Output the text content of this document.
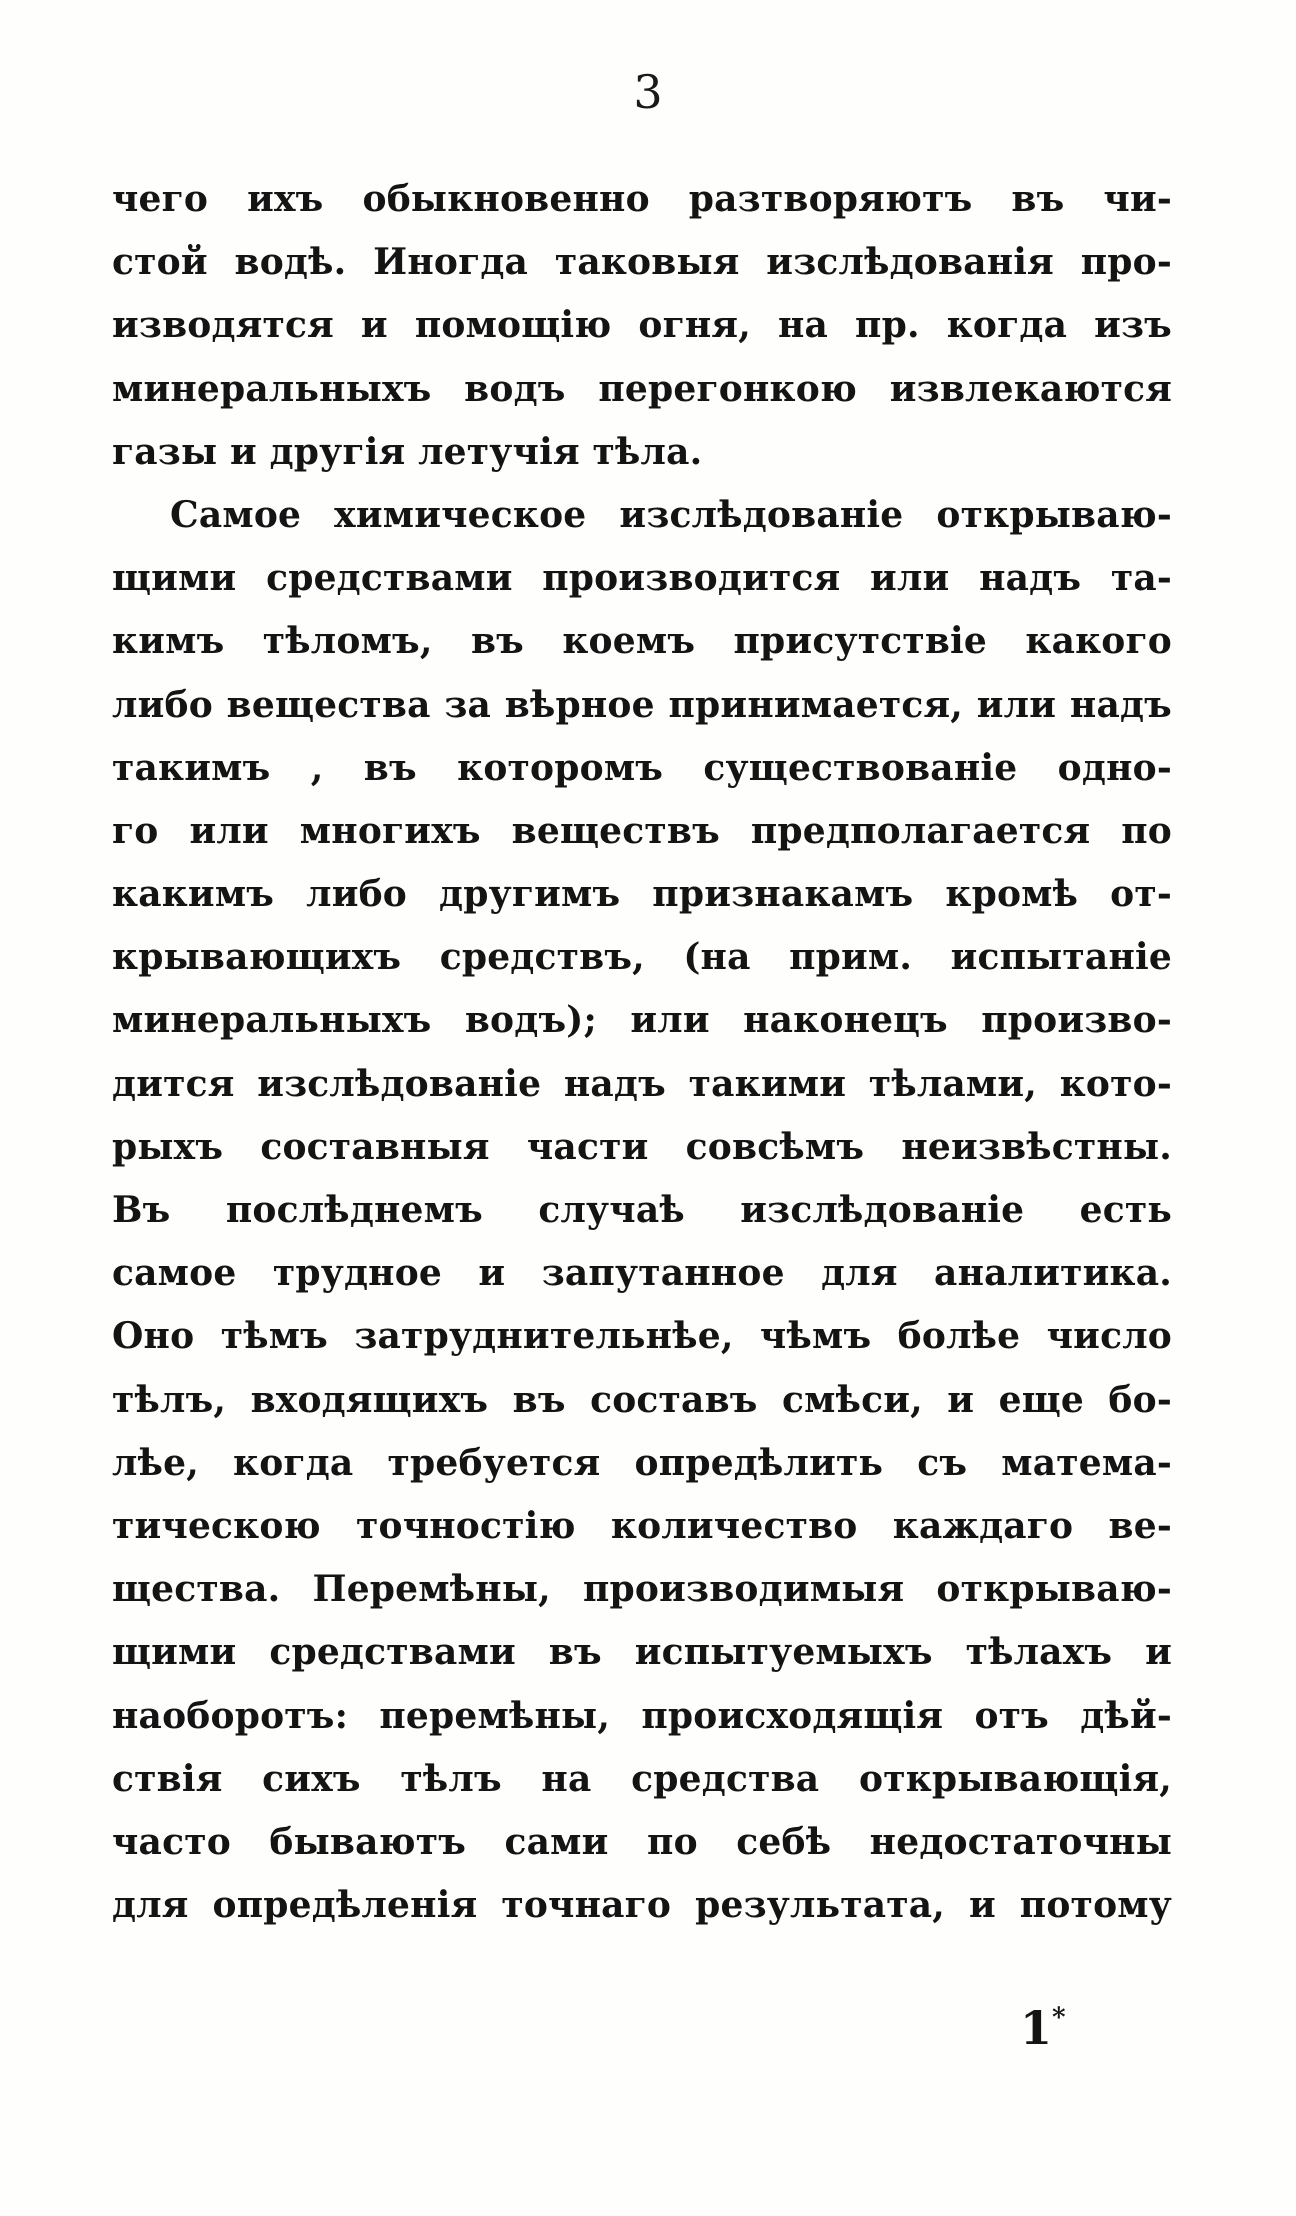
3
чего ихъ обыкновенно разтворяютъ въ чи-
стой водѣ. Иногда таковыя изслѣдованія про-
изводятся и помощію огня, на пр. когда изъ
минеральныхъ водъ перегонкою извлекаются
газы и другія летучія тѣла.
Самое химическое изслѣдованіе открываю-
щими средствами производится или надъ та-
кимъ тѣломъ, въ коемъ присутствіе какого
либо вещества за вѣрное принимается, или надъ
такимъ , въ которомъ существованіе одно-
го или многихъ веществъ предполагается по
какимъ либо другимъ признакамъ кромѣ от-
крывающихъ средствъ, (на прим. испытаніе
минеральныхъ водъ); или наконецъ произво-
дится изслѣдованіе надъ такими тѣлами, кото-
рыхъ составныя части совсѣмъ неизвѣстны.
Въ послѣднемъ случаѣ изслѣдованіе есть
самое трудное и запутанное для аналитика.
Оно тѣмъ затруднительнѣе, чѣмъ болѣе число
тѣлъ, входящихъ въ составъ смѣси, и еще бо-
лѣе, когда требуется опредѣлить съ матема-
тическою точностію количество каждаго ве-
щества. Перемѣны, производимыя открываю-
щими средствами въ испытуемыхъ тѣлахъ и
наоборотъ: перемѣны, происходящія отъ дѣй-
ствія сихъ тѣлъ на средства открывающія,
часто бываютъ сами по себѣ недостаточны
для опредѣленія точнаго результата, и потому
1*
